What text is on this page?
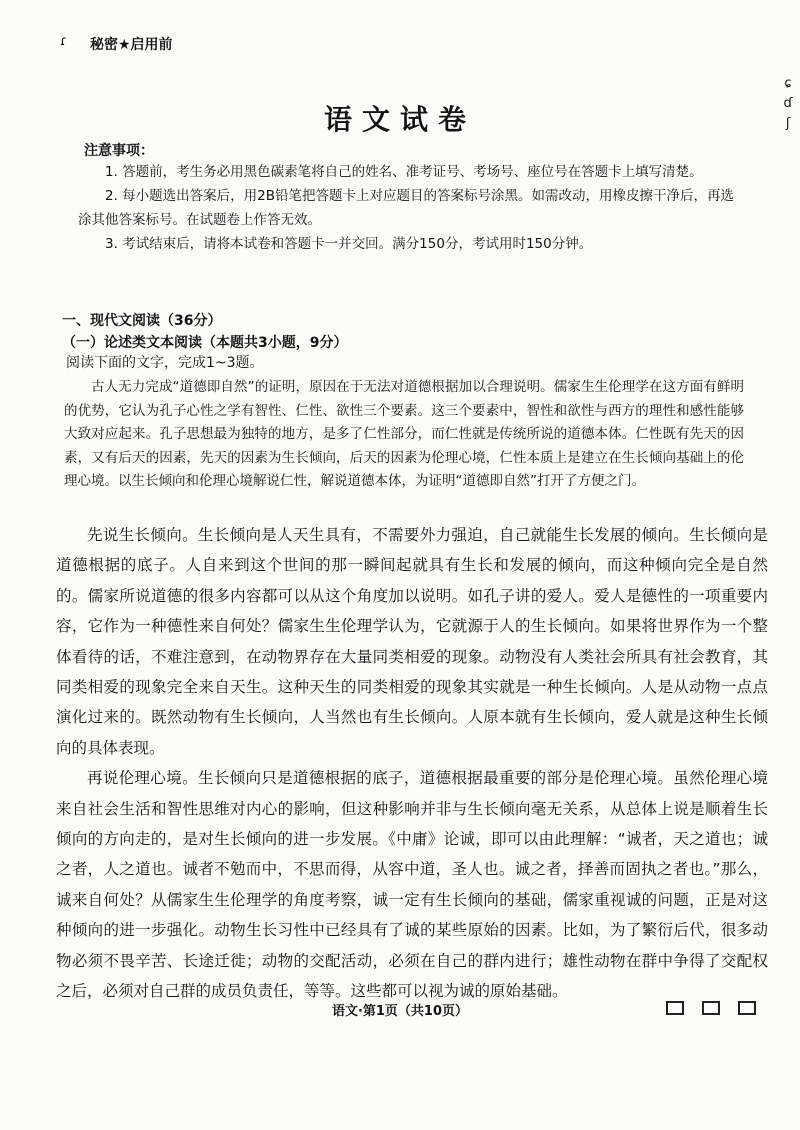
ɾ 秘密★启用前
ɕ
ɗ
ʃ
语文试卷
注意事项：

1. 答题前，考生务必用黑色碳素笔将自己的姓名、准考证号、考场号、座位号在答题卡上填写清楚。

2. 每小题选出答案后，用2B铅笔把答题卡上对应题目的答案标号涂黑。如需改动，用橡皮擦干净后，再选涂其他答案标号。在试题卷上作答无效。

3. 考试结束后，请将本试卷和答题卡一并交回。满分150分，考试用时150分钟。

一、现代文阅读（36分）
（一）论述类文本阅读（本题共3小题，9分）
阅读下面的文字，完成1~3题。

古人无力完成“道德即自然”的证明，原因在于无法对道德根据加以合理说明。儒家生生伦理学在这方面有鲜明的优势，它认为孔子心性之学有智性、仁性、欲性三个要素。这三个要素中，智性和欲性与西方的理性和感性能够大致对应起来。孔子思想最为独特的地方，是多了仁性部分，而仁性就是传统所说的道德本体。仁性既有先天的因素，又有后天的因素，先天的因素为生长倾向，后天的因素为伦理心境，仁性本质上是建立在生长倾向基础上的伦理心境。以生长倾向和伦理心境解说仁性，解说道德本体，为证明“道德即自然”打开了方便之门。

先说生长倾向。生长倾向是人天生具有，不需要外力强迫，自己就能生长发展的倾向。生长倾向是道德根据的底子。人自来到这个世间的那一瞬间起就具有生长和发展的倾向，而这种倾向完全是自然的。儒家所说道德的很多内容都可以从这个角度加以说明。如孔子讲的爱人。爱人是德性的一项重要内容，它作为一种德性来自何处？儒家生生伦理学认为，它就源于人的生长倾向。如果将世界作为一个整体看待的话，不难注意到，在动物界存在大量同类相爱的现象。动物没有人类社会所具有社会教育，其同类相爱的现象完全来自天生。这种天生的同类相爱的现象其实就是一种生长倾向。人是从动物一点点演化过来的。既然动物有生长倾向，人当然也有生长倾向。人原本就有生长倾向，爱人就是这种生长倾向的具体表现。

再说伦理心境。生长倾向只是道德根据的底子，道德根据最重要的部分是伦理心境。虽然伦理心境来自社会生活和智性思维对内心的影响，但这种影响并非与生长倾向毫无关系，从总体上说是顺着生长倾向的方向走的，是对生长倾向的进一步发展。《中庸》论诚，即可以由此理解：“诚者，天之道也；诚之者，人之道也。诚者不勉而中，不思而得，从容中道，圣人也。诚之者，择善而固执之者也。”那么，诚来自何处？从儒家生生伦理学的角度考察，诚一定有生长倾向的基础，儒家重视诚的问题，正是对这种倾向的进一步强化。动物生长习性中已经具有了诚的某些原始的因素。比如，为了繁衍后代，很多动物必须不畏辛苦、长途迁徙；动物的交配活动，必须在自己的群内进行；雄性动物在群中争得了交配权之后，必须对自己群的成员负责任，等等。这些都可以视为诚的原始基础。

语文·第1页（共10页）
